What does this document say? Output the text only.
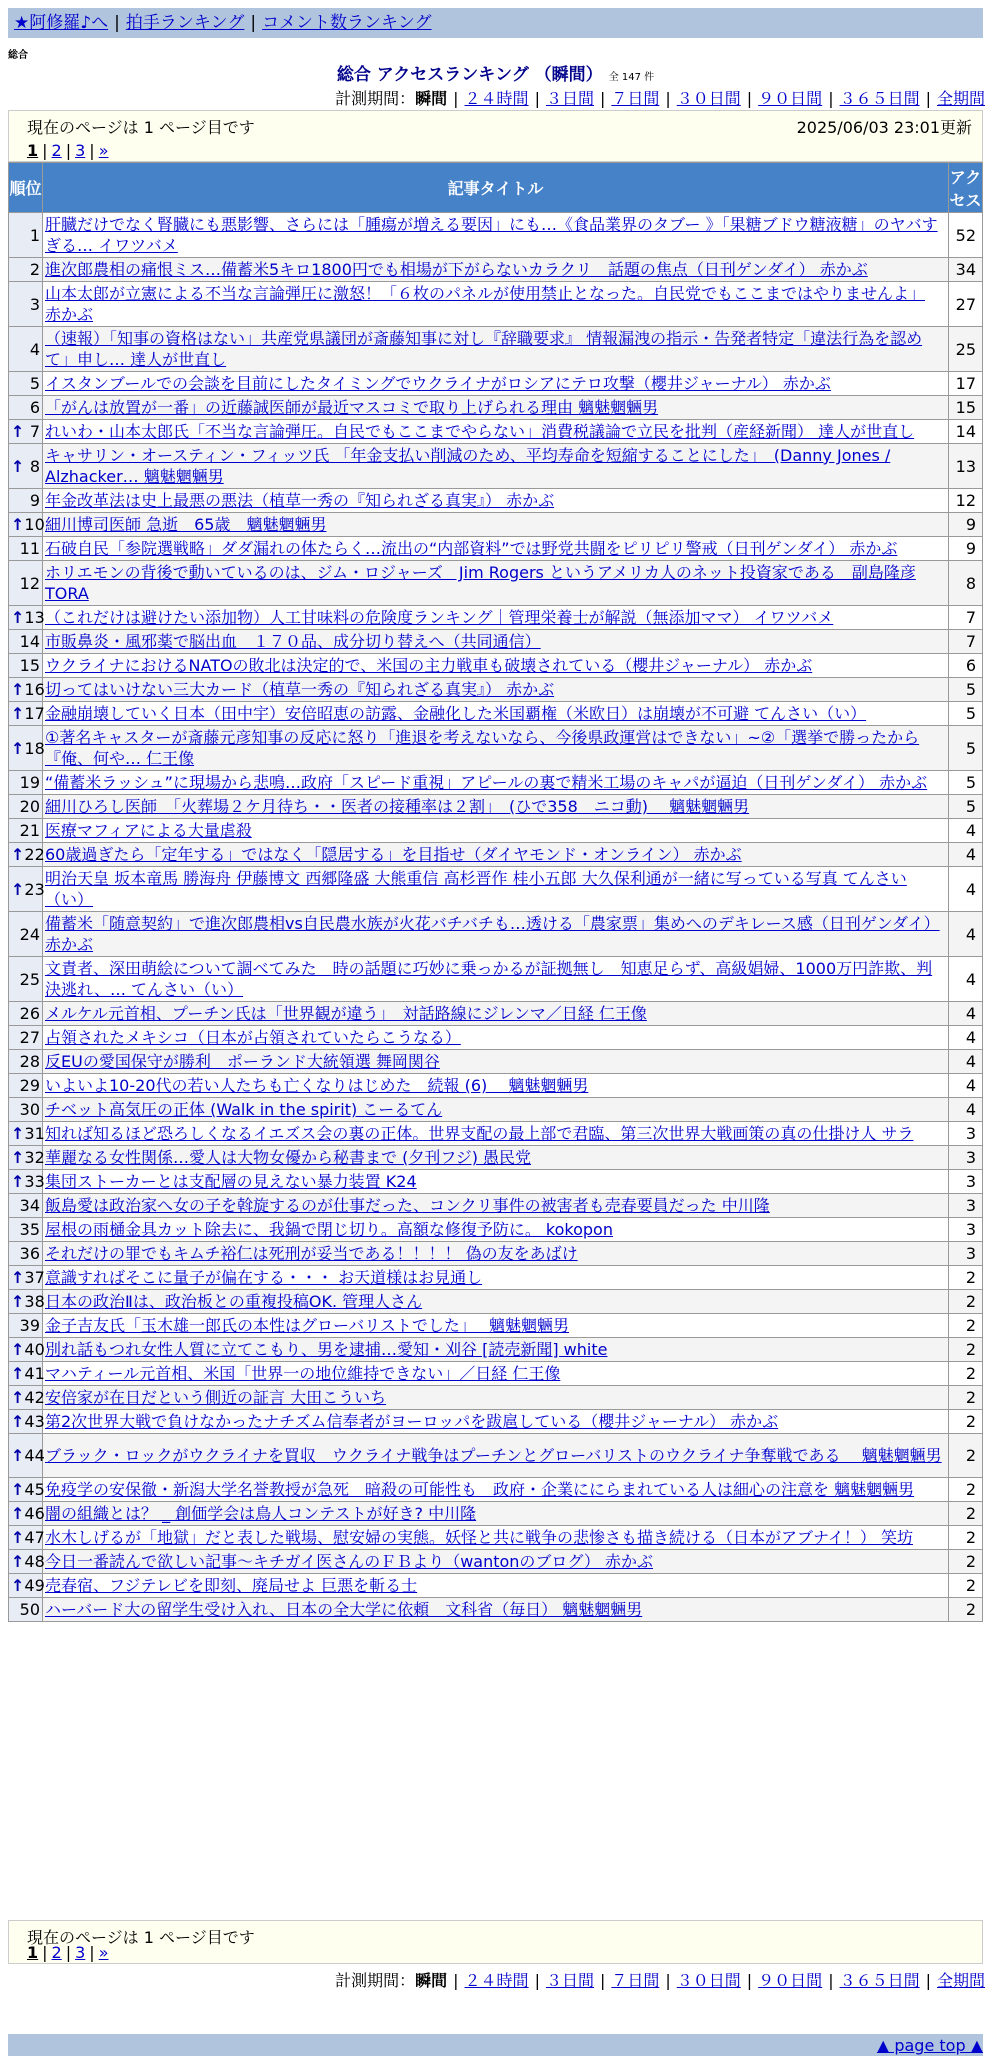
★阿修羅♪へ | 拍手ランキング | コメント数ランキング
総合
総合 アクセスランキング （瞬間） 全 147 件
計測期間：瞬間 | ２４時間 | ３日間 | ７日間 | ３０日間 | ９０日間 | ３６５日間 | 全期間
現在のページは 1 ページ目です	2025/06/03 23:01更新
1 | 2 | 3 | »
順位	記事タイトル	アクセス
1	肝臓だけでなく腎臓にも悪影響、さらには「腫瘍が増える要因」にも…《食品業界のタブー 》「果糖ブドウ糖液糖」のヤバすぎる… イワツバメ	52
2	進次郎農相の痛恨ミス…備蓄米5キロ1800円でも相場が下がらないカラクリ　話題の焦点（日刊ゲンダイ） 赤かぶ	34
3	山本太郎が立憲による不当な言論弾圧に激怒！「６枚のパネルが使用禁止となった。自民党でもここまではやりませんよ」 赤かぶ	27
4	（速報）「知事の資格はない」共産党県議団が斎藤知事に対し『辞職要求』 情報漏洩の指示・告発者特定「違法行為を認めて」申し… 達人が世直し	25
5	イスタンブールでの会談を目前にしたタイミングでウクライナがロシアにテロ攻撃（櫻井ジャーナル） 赤かぶ	17
6	「がんは放置が一番」の近藤誠医師が最近マスコミで取り上げられる理由 魑魅魍魎男	15

↑ 7	れいわ・山本太郎氏「不当な言論弾圧。自民でもここまでやらない」消費税議論で立民を批判（産経新聞） 達人が世直し	14

↑ 8	キャサリン・オースティン・フィッツ氏 「年金支払い削減のため、平均寿命を短縮することにした」　(Danny Jones / Alzhacker… 魑魅魍魎男	13
9	年金改革法は史上最悪の悪法（植草一秀の『知られざる真実』） 赤かぶ	12

↑ 10	細川博司医師 急逝　65歳　魑魅魍魎男	9
11	石破自民「参院選戦略」ダダ漏れの体たらく…流出の“内部資料”では野党共闘をピリピリ警戒（日刊ゲンダイ） 赤かぶ	9
12	ホリエモンの背後で動いているのは、ジム・ロジャーズ　Jim Rogers というアメリカ人のネット投資家である　副島隆彦TORA	8

↑ 13	（これだけは避けたい添加物）人工甘味料の危険度ランキング｜管理栄養士が解説（無添加ママ） イワツバメ	7
14	市販鼻炎・風邪薬で脳出血　１７０品、成分切り替えへ（共同通信）	7
15	ウクライナにおけるNATOの敗北は決定的で、米国の主力戦車も破壊されている（櫻井ジャーナル） 赤かぶ	6

↑ 16	切ってはいけない三大カード（植草一秀の『知られざる真実』） 赤かぶ	5

↑ 17	金融崩壊していく日本（田中宇）安倍昭恵の訪露、金融化した米国覇権（米欧日）は崩壊が不可避 てんさい（い）	5

↑ 18	①著名キャスターが斎藤元彦知事の反応に怒り「進退を考えないなら、今後県政運営はできない」~②「選挙で勝ったから『俺、何や… 仁王像	5
19	“備蓄米ラッシュ”に現場から悲鳴…政府「スピード重視」アピールの裏で精米工場のキャパが逼迫（日刊ゲンダイ） 赤かぶ	5
20	細川ひろし医師　「火葬場２ケ月待ち・・医者の接種率は２割」　(ひで358　ニコ動)　 魑魅魍魎男	5
21	医療マフィアによる大量虐殺	4

↑ 22	60歳過ぎたら「定年する」ではなく「隠居する」を目指せ（ダイヤモンド・オンライン） 赤かぶ	4

↑ 23	明治天皇 坂本竜馬 勝海舟 伊藤博文 西郷隆盛 大熊重信 高杉晋作 桂小五郎 大久保利通が一緒に写っている写真 てんさい（い）	4
24	備蓄米「随意契約」で進次郎農相vs自民農水族が火花バチバチも…透ける「農家票」集めへのデキレース感（日刊ゲンダイ） 赤かぶ	4
25	文責者、深田萌絵について調べてみた　時の話題に巧妙に乗っかるが証拠無し　知恵足らず、高級娼婦、1000万円詐欺、判決逃れ、… てんさい（い）	4
26	メルケル元首相、プーチン氏は「世界観が違う」　対話路線にジレンマ／日経 仁王像	4
27	占領されたメキシコ（日本が占領されていたらこうなる）	4
28	反EUの愛国保守が勝利　ポーランド大統領選 舞岡関谷	4
29	いよいよ10-20代の若い人たちも亡くなりはじめた　続報 (6)　 魑魅魍魎男	4
30	チベット高気圧の正体 (Walk in the spirit) こーるてん	4

↑ 31	知れば知るほど恐ろしくなるイエズス会の裏の正体。世界支配の最上部で君臨、第三次世界大戦画策の真の仕掛け人 サラ	3

↑ 32	華麗なる女性関係…愛人は大物女優から秘書まで (夕刊フジ) 愚民党	3

↑ 33	集団ストーカーとは支配層の見えない暴力装置 K24	3
34	飯島愛は政治家へ女の子を斡旋するのが仕事だった、コンクリ事件の被害者も売春要員だった 中川隆	3
35	屋根の雨樋金具カット除去に、我鍋で閉じ切り。高額な修復予防に。 kokopon	3
36	それだけの罪でもキムチ裕仁は死刑が妥当である！！！！ 偽の友をあばけ	3

↑ 37	意識すればそこに量子が偏在する・・・ お天道様はお見通し	2

↑ 38	日本の政治Ⅱは、政治板との重複投稿OK. 管理人さん	2
39	金子吉友氏「玉木雄一郎氏の本性はグローバリストでした」　 魑魅魍魎男	2

↑ 40	別れ話もつれ女性人質に立てこもり、男を逮捕…愛知・刈谷 [読売新聞] white	2

↑ 41	マハティール元首相、米国「世界一の地位維持できない」／日経 仁王像	2

↑ 42	安倍家が在日だという側近の証言 大田こういち	2

↑ 43	第2次世界大戦で負けなかったナチズム信奉者がヨーロッパを跋扈している（櫻井ジャーナル） 赤かぶ	2

↑ 44	ブラック・ロックがウクライナを買収　ウクライナ戦争はプーチンとグローバリストのウクライナ争奪戦である　 魑魅魍魎男	2

↑ 45	免疫学の安保徹・新潟大学名誉教授が急死　暗殺の可能性も　政府・企業ににらまれている人は細心の注意を 魑魅魍魎男	2

↑ 46	闇の組織とは？ _ 創価学会は鳥人コンテストが好き? 中川隆	2

↑ 47	水木しげるが「地獄」だと表した戦場、慰安婦の実態。妖怪と共に戦争の悲惨さも描き続ける（日本がアブナイ！） 笑坊	2

↑ 48	今日一番読んで欲しい記事〜キチガイ医さんのＦＢより（wantonのブログ） 赤かぶ	2

↑ 49	売春宿、フジテレビを即刻、廃局せよ 巨悪を斬る士	2
50	ハーバード大の留学生受け入れ、日本の全大学に依頼　文科省（毎日） 魑魅魍魎男	2
現在のページは 1 ページ目です
1 | 2 | 3 | »
計測期間：瞬間 | ２４時間 | ３日間 | ７日間 | ３０日間 | ９０日間 | ３６５日間 | 全期間
▲ page top ▲
